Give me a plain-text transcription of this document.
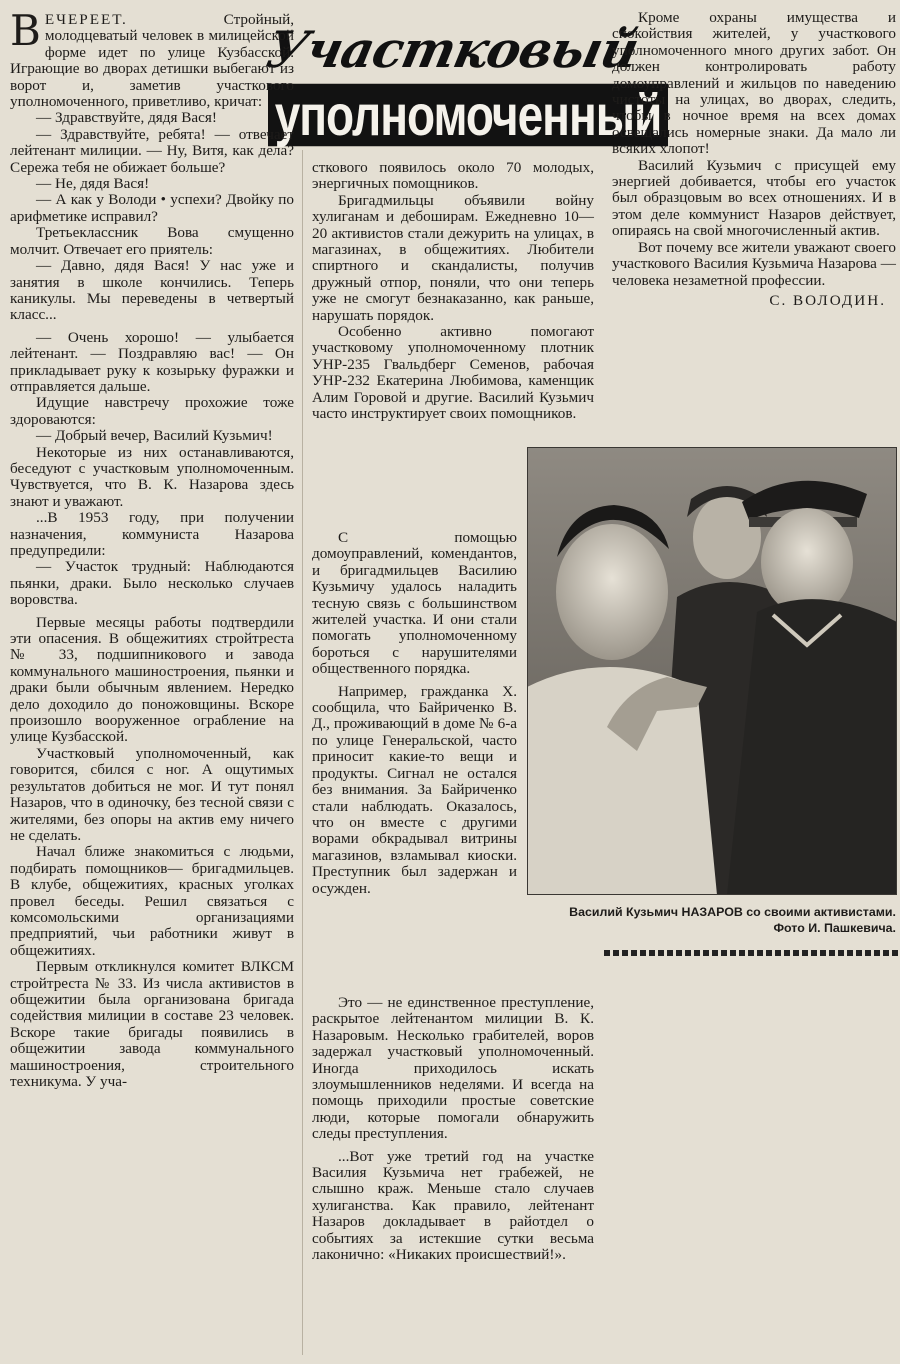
Участковый
уполномоченный

ВЕЧЕРЕЕТ.	Стройный, молодцеватый человек в милицейской форме идет по улице Кузбасской. Играющие во дворах детишки выбегают из ворот и, заметив участкового уполномоченного, приветливо, кричат:

— Здравствуйте, дядя Вася!

— Здравствуйте, ребята! — отвечает лейтенант милиции. — Ну, Витя, как дела? Сережа тебя не обижает больше?

— Не, дядя Вася!

— А как у Володи • успехи? Двойку по арифметике исправил?

Третьеклассник Вова смущенно молчит. Отвечает его приятель:

— Давно, дядя Вася! У нас уже и занятия в школе кончились. Теперь каникулы. Мы переведены в четвертый класс...

— Очень хорошо! — улыбается лейтенант. — Поздравляю вас! — Он прикладывает руку к козырьку фуражки и отправляется дальше.

Идущие навстречу прохожие тоже здороваются:

— Добрый вечер, Василий Кузьмич!

Некоторые из них останавливаются, беседуют с участковым уполномоченным. Чувствуется, что В. К. Назарова здесь знают и уважают.

...В 1953 году, при получении назначения, коммуниста Назарова предупредили:

— Участок трудный: Наблюдаются пьянки, драки. Было несколько случаев воровства.

Первые месяцы работы подтвердили эти опасения. В общежитиях стройтреста № 33, подшипникового и завода коммунального машиностроения, пьянки и драки были обычным явлением. Нередко дело доходило до поножовщины. Вскоре произошло вооруженное ограбление на улице Кузбасской.

Участковый уполномоченный, как говорится, сбился с ног. А ощутимых результатов добиться не мог. И тут понял Назаров, что в одиночку, без тесной связи с жителями, без опоры на актив ему ничего не сделать.

Начал ближе знакомиться с людьми, подбирать помощников— бригадмильцев. В клубе, общежитиях, красных уголках провел беседы. Решил связаться с комсомольскими организациями предприятий, чьи работники живут в общежитиях.

Первым откликнулся комитет ВЛКСМ стройтреста № 33. Из числа активистов в общежитии была организована бригада содействия милиции в составе 23 человек. Вскоре такие бригады появились в общежитии завода коммунального машиностроения, строительного техникума. У уча-

сткового появилось около 70 молодых, энергичных помощников.

Бригадмильцы объявили войну хулиганам и дебоширам. Ежедневно 10—20 активистов стали дежурить на улицах, в магазинах, в общежитиях. Любители спиртного и скандалисты, получив дружный отпор, поняли, что они теперь уже не смогут безнаказанно, как раньше, нарушать порядок.

Особенно активно помогают участковому уполномоченному плотник УНР-235 Гвальдберг Семенов, рабочая УНР-232 Екатерина Любимова, каменщик Алим Горовой и другие. Василий Кузьмич часто инструктирует своих помощников.

С помощью домоуправлений, комендантов, и бригадмильцев Василию Кузьмичу удалось наладить тесную связь с большинством жителей участка. И они стали помогать уполномоченному бороться с нарушителями общественного порядка.

Например, гражданка Х. сообщила, что Байриченко В. Д., проживающий в доме № 6-а по улице Генеральской, часто приносит какие-то вещи и продукты. Сигнал не остался без внимания. За Байриченко стали наблюдать. Оказалось, что он вместе с другими ворами обкрадывал витрины магазинов, взламывал киоски. Преступник был задержан и осужден.

Это — не единственное преступление, раскрытое лейтенантом милиции В. К. Назаровым. Несколько грабителей, воров задержал участковый уполномоченный. Иногда приходилось искать злоумышленников неделями. И всегда на помощь приходили простые советские люди, которые помогали обнаружить следы преступления.

...Вот уже третий год на участке Василия Кузьмича нет грабежей, не слышно краж. Меньше стало случаев хулиганства. Как правило, лейтенант Назаров докладывает в райотдел о событиях за истекшие сутки весьма лаконично: «Никаких происшествий!».

Кроме охраны имущества и спокойствия жителей, у участкового уполномоченного много других забот. Он должен контролировать работу домоуправлений и жильцов по наведению чистоты на улицах, во дворах, следить, чтобы в ночное время на всех домах освещались номерные знаки. Да мало ли всяких хлопот!

Василий Кузьмич с присущей ему энергией добивается, чтобы его участок был образцовым во всех отношениях. И в этом деле коммунист Назаров действует, опираясь на свой многочисленный актив.

Вот почему все жители уважают своего участкового Василия Кузьмича Назарова — человека незаметной профессии.

С. ВОЛОДИН.
Василий Кузьмич НАЗАРОВ со своими активистами.
Фото И. Пашкевича.
